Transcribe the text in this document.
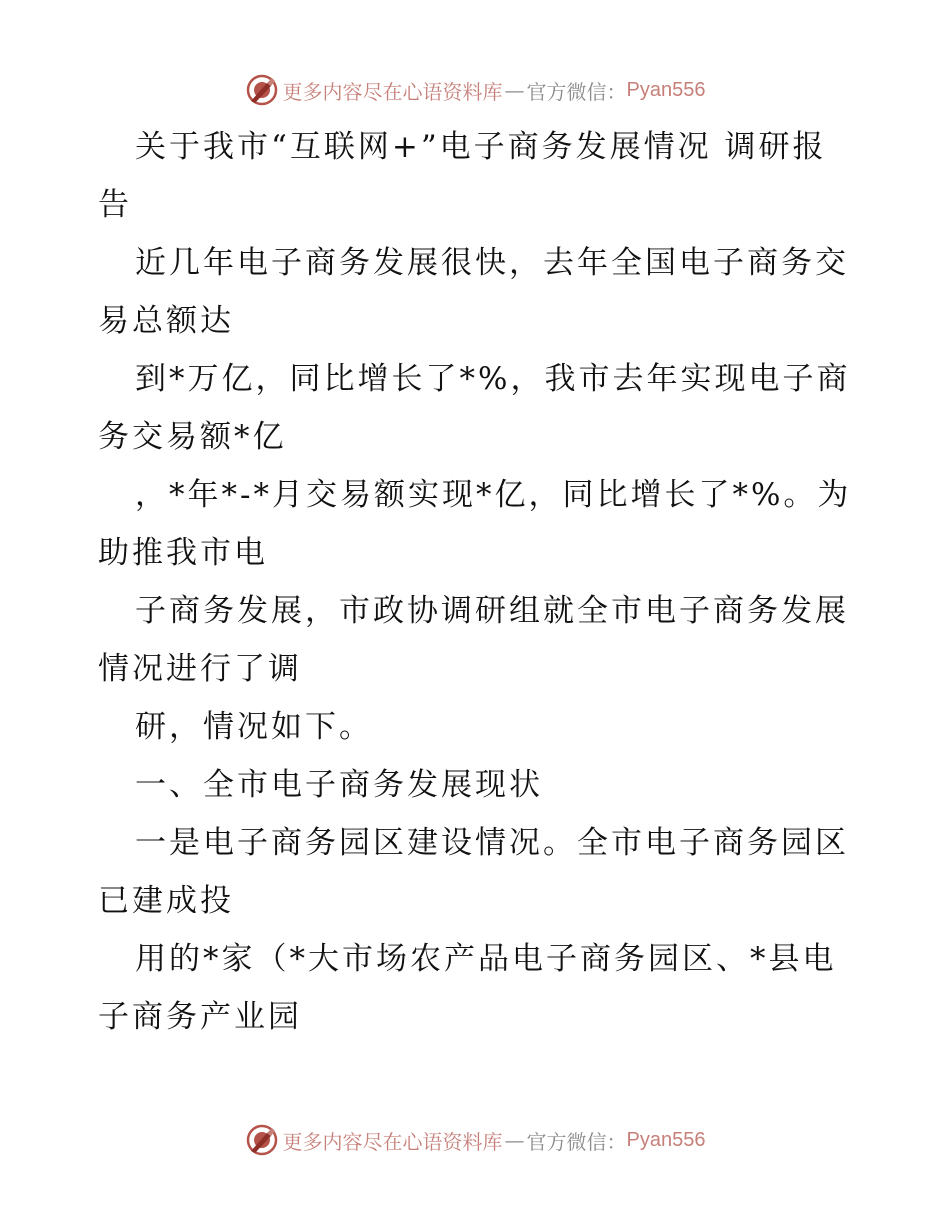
更多内容尽在心语资料库 — 官方微信： Pyan556
关于我市“互联网+”电子商务发展情况 调研报
告
近几年电子商务发展很快，去年全国电子商务交
易总额达
到*万亿，同比增长了*%，我市去年实现电子商
务交易额*亿
，*年*-*月交易额实现*亿，同比增长了*%。为
助推我市电
子商务发展，市政协调研组就全市电子商务发展
情况进行了调
研，情况如下。
一、全市电子商务发展现状
一是电子商务园区建设情况。全市电子商务园区
已建成投
用的*家（*大市场农产品电子商务园区、*县电
子商务产业园
更多内容尽在心语资料库 — 官方微信： Pyan556
